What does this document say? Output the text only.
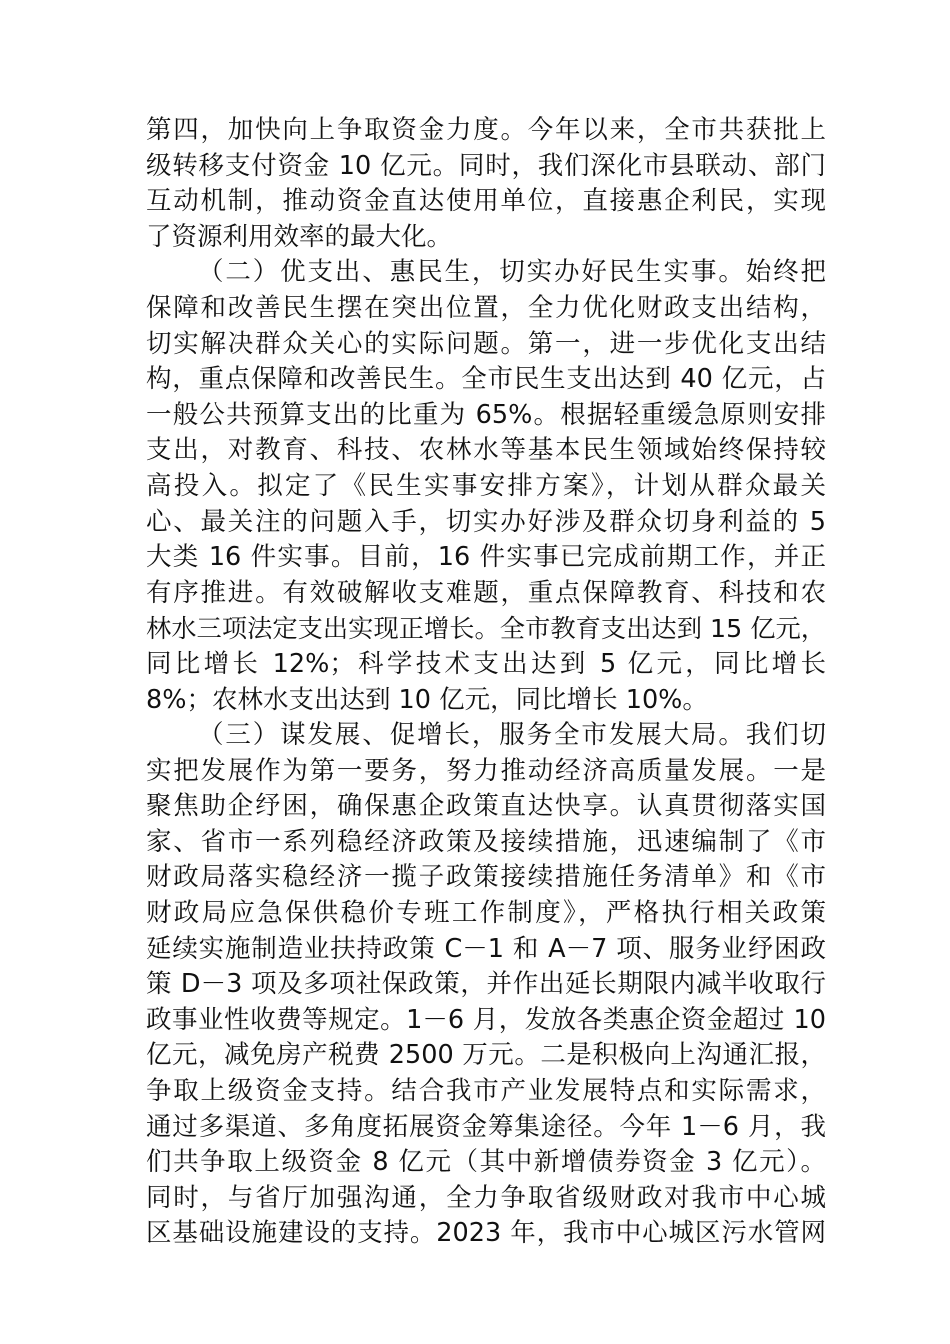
第四，加快向上争取资金力度。今年以来，全市共获批上
级转移支付资金 10 亿元。同时，我们深化市县联动、部门
互动机制，推动资金直达使用单位，直接惠企利民，实现
了资源利用效率的最大化。
（二）优支出、惠民生，切实办好民生实事。始终把
保障和改善民生摆在突出位置，全力优化财政支出结构，
切实解决群众关心的实际问题。第一，进一步优化支出结
构，重点保障和改善民生。全市民生支出达到 40 亿元，占
一般公共预算支出的比重为 65%。根据轻重缓急原则安排
支出，对教育、科技、农林水等基本民生领域始终保持较
高投入。拟定了《民生实事安排方案》，计划从群众最关
心、最关注的问题入手，切实办好涉及群众切身利益的 5
大类 16 件实事。目前，16 件实事已完成前期工作，并正
有序推进。有效破解收支难题，重点保障教育、科技和农
林水三项法定支出实现正增长。全市教育支出达到 15 亿元，
同比增长 12%；科学技术支出达到 5 亿元，同比增长
8%；农林水支出达到 10 亿元，同比增长 10%。
（三）谋发展、促增长，服务全市发展大局。我们切
实把发展作为第一要务，努力推动经济高质量发展。一是
聚焦助企纾困，确保惠企政策直达快享。认真贯彻落实国
家、省市一系列稳经济政策及接续措施，迅速编制了《市
财政局落实稳经济一揽子政策接续措施任务清单》和《市
财政局应急保供稳价专班工作制度》，严格执行相关政策
延续实施制造业扶持政策 C－1 和 A－7 项、服务业纾困政
策 D－3 项及多项社保政策，并作出延长期限内减半收取行
政事业性收费等规定。1－6 月，发放各类惠企资金超过 10
亿元，减免房产税费 2500 万元。二是积极向上沟通汇报，
争取上级资金支持。结合我市产业发展特点和实际需求，
通过多渠道、多角度拓展资金筹集途径。今年 1－6 月，我
们共争取上级资金 8 亿元（其中新增债券资金 3 亿元）。
同时，与省厅加强沟通，全力争取省级财政对我市中心城
区基础设施建设的支持。2023 年，我市中心城区污水管网
